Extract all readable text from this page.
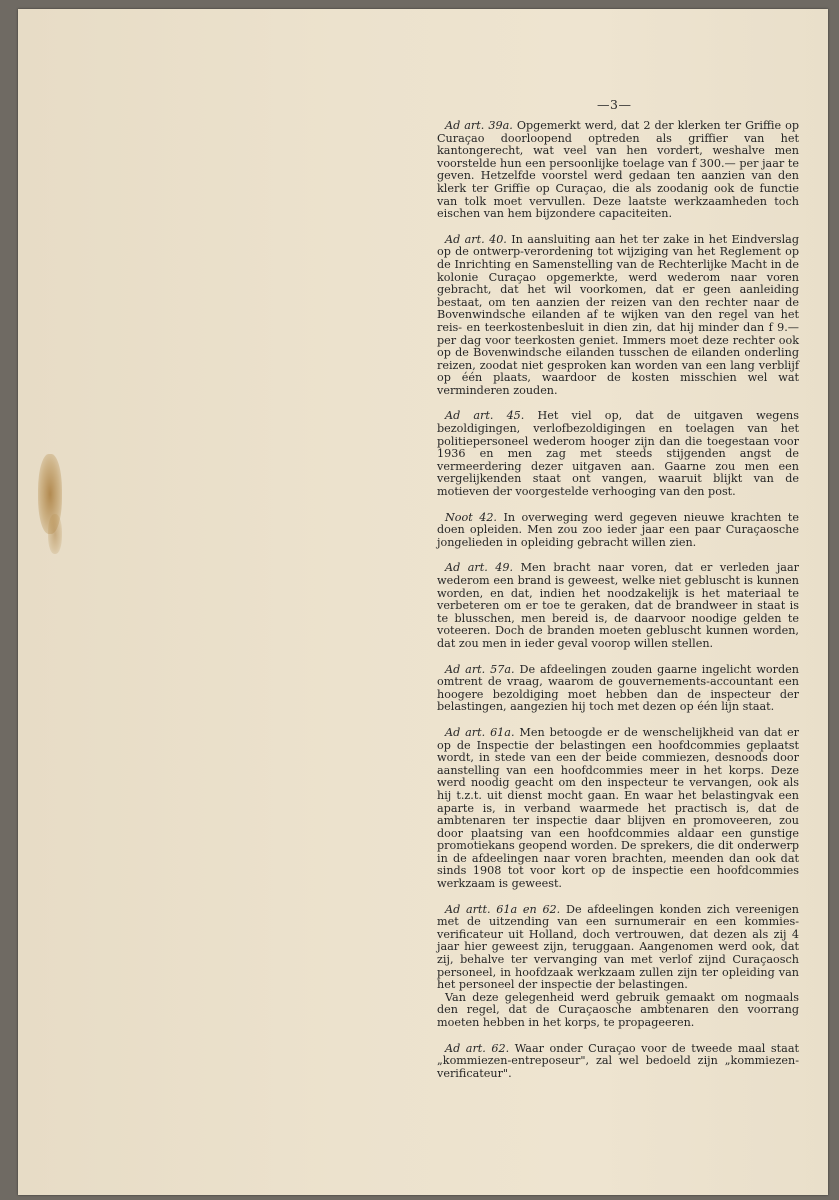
—3—

Ad art. 39a. Opgemerkt werd, dat 2 der klerken ter Griffie op Curaçao doorloopend optreden als griffier van het kantongerecht, wat veel van hen vordert, weshalve men voorstelde hun een persoonlijke toelage van f 300.— per jaar te geven. Hetzelfde voorstel werd gedaan ten aanzien van den klerk ter Griffie op Curaçao, die als zoodanig ook de functie van tolk moet vervullen. Deze laatste werkzaamheden toch eischen van hem bijzondere capaciteiten.

Ad art. 40. In aansluiting aan het ter zake in het Eindverslag op de ontwerp-verordening tot wijziging van het Reglement op de Inrichting en Samenstelling van de Rechterlijke Macht in de kolonie Curaçao opgemerkte, werd wederom naar voren gebracht, dat het wil voorkomen, dat er geen aanleiding bestaat, om ten aanzien der reizen van den rechter naar de Bovenwindsche eilanden af te wijken van den regel van het reis- en teerkostenbesluit in dien zin, dat hij minder dan f 9.— per dag voor teerkosten geniet. Immers moet deze rechter ook op de Bovenwindsche eilanden tusschen de eilanden onderling reizen, zoodat niet gesproken kan worden van een lang verblijf op één plaats, waardoor de kosten misschien wel wat verminderen zouden.

Ad art. 45. Het viel op, dat de uitgaven wegens bezoldigingen, verlofbezoldigingen en toelagen van het politiepersoneel wederom hooger zijn dan die toegestaan voor 1936 en men zag met steeds stijgenden angst de vermeerdering dezer uitgaven aan. Gaarne zou men een vergelijkenden staat ont vangen, waaruit blijkt van de motieven der voorgestelde verhooging van den post.

Noot 42. In overweging werd gegeven nieuwe krachten te doen opleiden. Men zou zoo ieder jaar een paar Curaçaosche jongelieden in opleiding gebracht willen zien.

Ad art. 49. Men bracht naar voren, dat er verleden jaar wederom een brand is geweest, welke niet gebluscht is kunnen worden, en dat, indien het noodzakelijk is het materiaal te verbeteren om er toe te geraken, dat de brandweer in staat is te blusschen, men bereid is, de daarvoor noodige gelden te voteeren. Doch de branden moeten gebluscht kunnen worden, dat zou men in ieder geval voorop willen stellen.

Ad art. 57a. De afdeelingen zouden gaarne ingelicht worden omtrent de vraag, waarom de gouvernements-accountant een hoogere bezoldiging moet hebben dan de inspecteur der belastingen, aangezien hij toch met dezen op één lijn staat.

Ad art. 61a. Men betoogde er de wenschelijkheid van dat er op de Inspectie der belastingen een hoofdcommies geplaatst wordt, in stede van een der beide commiezen, desnoods door aanstelling van een hoofdcommies meer in het korps. Deze werd noodig geacht om den inspecteur te vervangen, ook als hij t.z.t. uit dienst mocht gaan. En waar het belastingvak een aparte is, in verband waarmede het practisch is, dat de ambtenaren ter inspectie daar blijven en promoveeren, zou door plaatsing van een hoofdcommies aldaar een gunstige promotiekans geopend worden. De sprekers, die dit onderwerp in de afdeelingen naar voren brachten, meenden dan ook dat sinds 1908 tot voor kort op de inspectie een hoofdcommies werkzaam is geweest.

Ad artt. 61a en 62. De afdeelingen konden zich vereenigen met de uitzending van een surnumerair en een kommies-verificateur uit Holland, doch vertrouwen, dat dezen als zij 4 jaar hier geweest zijn, teruggaan. Aangenomen werd ook, dat zij, behalve ter vervanging van met verlof zijnd Curaçaosch personeel, in hoofdzaak werkzaam zullen zijn ter opleiding van het personeel der inspectie der belastingen.

Van deze gelegenheid werd gebruik gemaakt om nogmaals den regel, dat de Curaçaosche ambtenaren den voorrang moeten hebben in het korps, te propageeren.

Ad art. 62. Waar onder Curaçao voor de tweede maal staat „kommiezen-entreposeur", zal wel bedoeld zijn „kommiezen-verificateur".
